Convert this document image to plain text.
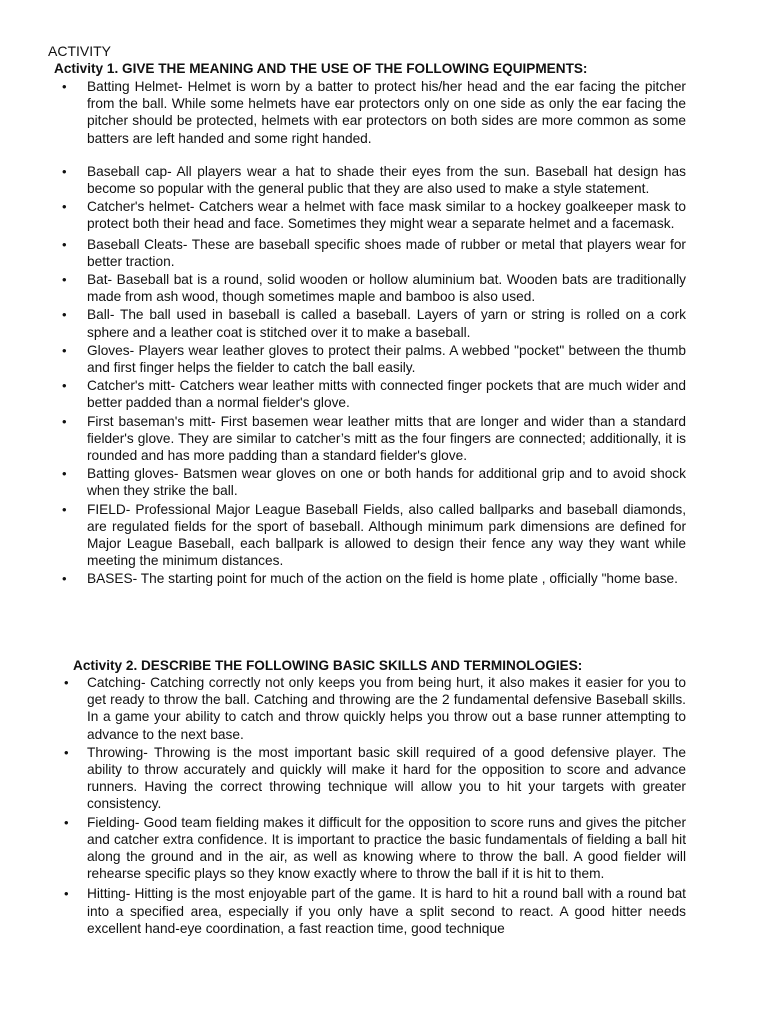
ACTIVITY
Activity 1. GIVE THE MEANING AND THE USE OF THE FOLLOWING EQUIPMENTS:
• Batting Helmet- Helmet is worn by a batter to protect his/her head and the ear facing the pitcher from the ball. While some helmets have ear protectors only on one side as only the ear facing the pitcher should be protected, helmets with ear protectors on both sides are more common as some batters are left handed and some right handed.
• Baseball cap- All players wear a hat to shade their eyes from the sun. Baseball hat design has become so popular with the general public that they are also used to make a style statement.
• Catcher's helmet- Catchers wear a helmet with face mask similar to a hockey goalkeeper mask to protect both their head and face. Sometimes they might wear a separate helmet and a facemask.
• Baseball Cleats- These are baseball specific shoes made of rubber or metal that players wear for better traction.
• Bat- Baseball bat is a round, solid wooden or hollow aluminium bat. Wooden bats are traditionally made from ash wood, though sometimes maple and bamboo is also used.
• Ball- The ball used in baseball is called a baseball. Layers of yarn or string is rolled on a cork sphere and a leather coat is stitched over it to make a baseball.
• Gloves- Players wear leather gloves to protect their palms. A webbed "pocket" between the thumb and first finger helps the fielder to catch the ball easily.
• Catcher's mitt- Catchers wear leather mitts with connected finger pockets that are much wider and better padded than a normal fielder's glove.
• First baseman's mitt- First basemen wear leather mitts that are longer and wider than a standard fielder's glove. They are similar to catcher’s mitt as the four fingers are connected; additionally, it is rounded and has more padding than a standard fielder's glove.
• Batting gloves- Batsmen wear gloves on one or both hands for additional grip and to avoid shock when they strike the ball.
• FIELD- Professional Major League Baseball Fields, also called ballparks and baseball diamonds, are regulated fields for the sport of baseball. Although minimum park dimensions are defined for Major League Baseball, each ballpark is allowed to design their fence any way they want while meeting the minimum distances.
• BASES- The starting point for much of the action on the field is home plate , officially "home base.
Activity 2. DESCRIBE THE FOLLOWING BASIC SKILLS AND TERMINOLOGIES:
• Catching- Catching correctly not only keeps you from being hurt, it also makes it easier for you to get ready to throw the ball. Catching and throwing are the 2 fundamental defensive Baseball skills. In a game your ability to catch and throw quickly helps you throw out a base runner attempting to advance to the next base.
• Throwing- Throwing is the most important basic skill required of a good defensive player. The ability to throw accurately and quickly will make it hard for the opposition to score and advance runners. Having the correct throwing technique will allow you to hit your targets with greater consistency.
• Fielding- Good team fielding makes it difficult for the opposition to score runs and gives the pitcher and catcher extra confidence. It is important to practice the basic fundamentals of fielding a ball hit along the ground and in the air, as well as knowing where to throw the ball. A good fielder will rehearse specific plays so they know exactly where to throw the ball if it is hit to them.
• Hitting- Hitting is the most enjoyable part of the game. It is hard to hit a round ball with a round bat into a specified area, especially if you only have a split second to react. A good hitter needs excellent hand-eye coordination, a fast reaction time, good technique
